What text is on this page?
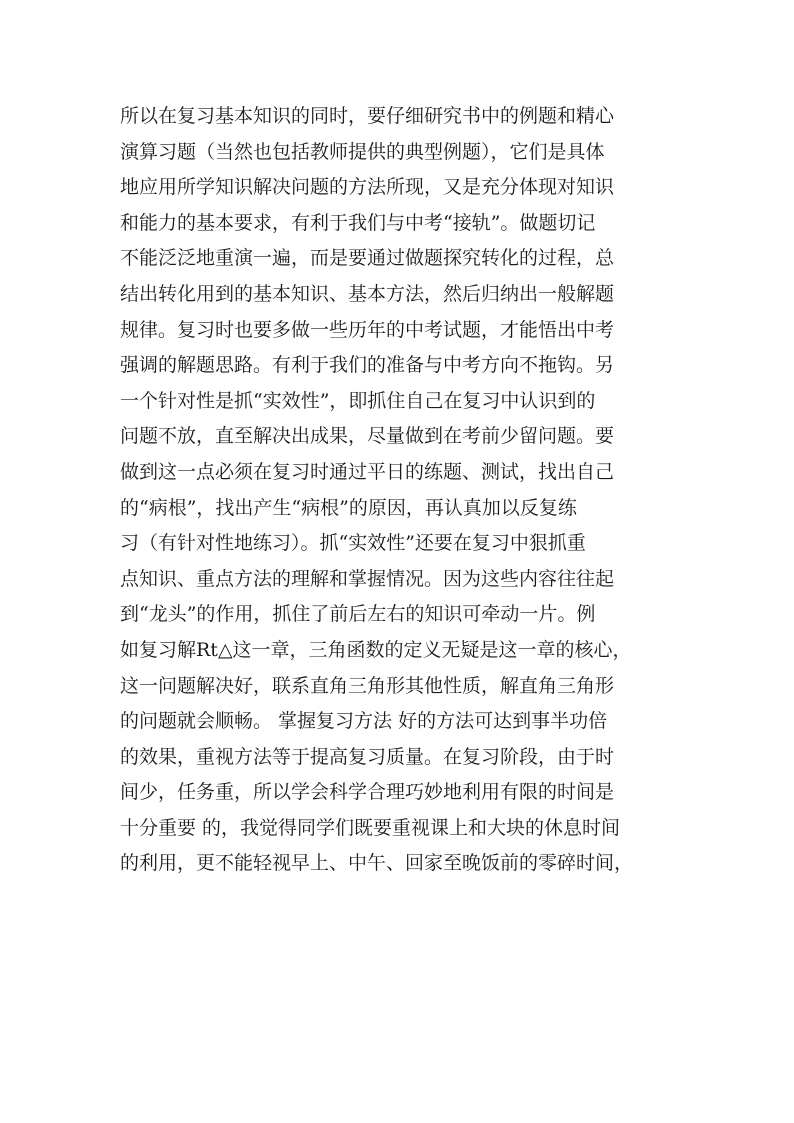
所以在复习基本知识的同时，要仔细研究书中的例题和精心
演算习题（当然也包括教师提供的典型例题），它们是具体
地应用所学知识解决问题的方法所现，又是充分体现对知识
和能力的基本要求，有利于我们与中考“接轨”。做题切记
不能泛泛地重演一遍，而是要通过做题探究转化的过程，总
结出转化用到的基本知识、基本方法，然后归纳出一般解题
规律。复习时也要多做一些历年的中考试题，才能悟出中考
强调的解题思路。有利于我们的准备与中考方向不拖钩。另
一个针对性是抓“实效性”，即抓住自己在复习中认识到的
问题不放，直至解决出成果，尽量做到在考前少留问题。要
做到这一点必须在复习时通过平日的练题、测试，找出自己
的“病根”，找出产生“病根”的原因，再认真加以反复练
习（有针对性地练习）。抓“实效性”还要在复习中狠抓重
点知识、重点方法的理解和掌握情况。因为这些内容往往起
到“龙头”的作用，抓住了前后左右的知识可牵动一片。例
如复习解Rt△这一章，三角函数的定义无疑是这一章的核心，
这一问题解决好，联系直角三角形其他性质，解直角三角形
的问题就会顺畅。 掌握复习方法 好的方法可达到事半功倍
的效果，重视方法等于提高复习质量。在复习阶段，由于时
间少，任务重，所以学会科学合理巧妙地利用有限的时间是
十分重要 的，我觉得同学们既要重视课上和大块的休息时间
的利用，更不能轻视早上、中午、回家至晚饭前的零碎时间，
